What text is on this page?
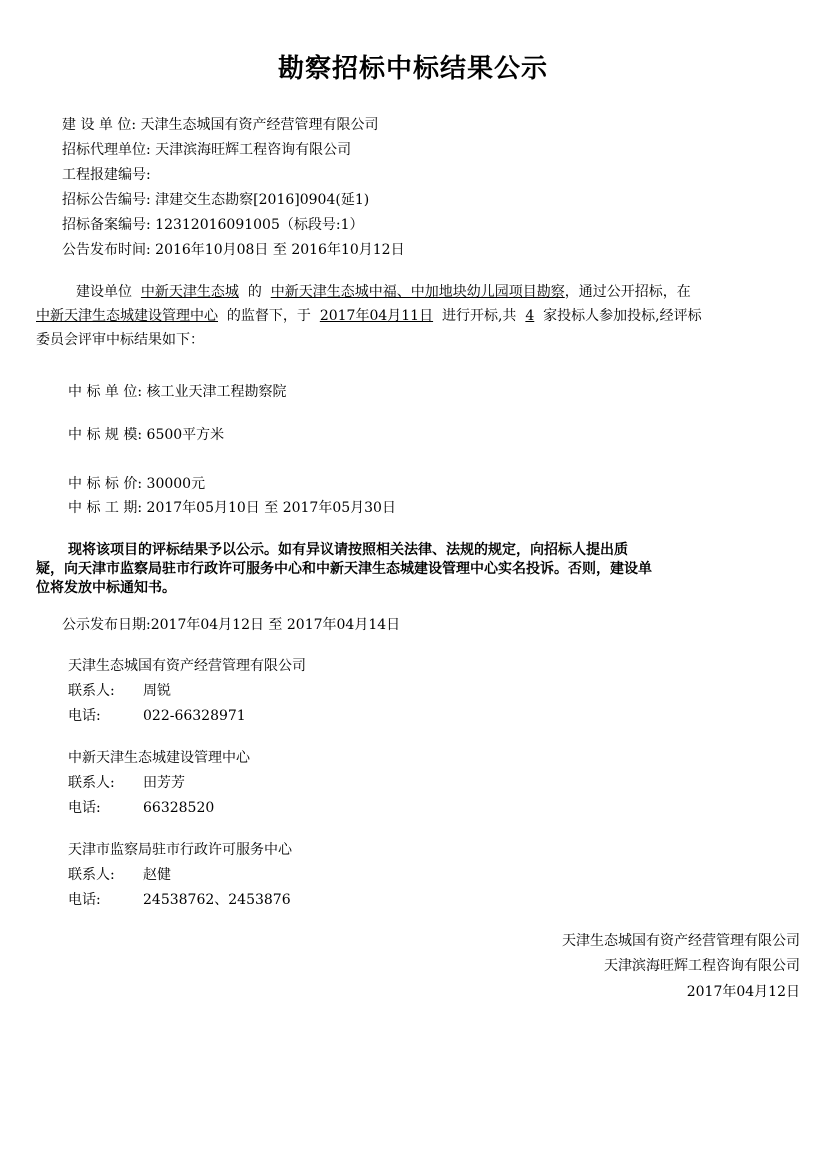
勘察招标中标结果公示
建 设 单 位: 天津生态城国有资产经营管理有限公司
招标代理单位: 天津滨海旺辉工程咨询有限公司
工程报建编号:
招标公告编号: 津建交生态勘察[2016]0904(延1)
招标备案编号: 12312016091005（标段号:1）
公告发布时间: 2016年10月08日 至 2016年10月12日
建设单位 中新天津生态城 的 中新天津生态城中福、中加地块幼儿园项目勘察，通过公开招标，在
中新天津生态城建设管理中心 的监督下，于 2017年04月11日 进行开标,共 4 家投标人参加投标,经评标
委员会评审中标结果如下：
中 标 单 位: 核工业天津工程勘察院
中 标 规 模: 6500平方米
中 标 标 价: 30000元
中 标 工 期: 2017年05月10日 至 2017年05月30日
现将该项目的评标结果予以公示。如有异议请按照相关法律、法规的规定，向招标人提出质
疑，向天津市监察局驻市行政许可服务中心和中新天津生态城建设管理中心实名投诉。否则，建设单
位将发放中标通知书。
公示发布日期:2017年04月12日 至 2017年04月14日
天津生态城国有资产经营管理有限公司
联系人: 周锐
电话:	022-66328971
中新天津生态城建设管理中心
联系人: 田芳芳
电话:	66328520
天津市监察局驻市行政许可服务中心
联系人: 赵健
电话:	24538762、2453876
天津生态城国有资产经营管理有限公司
天津滨海旺辉工程咨询有限公司
2017年04月12日
